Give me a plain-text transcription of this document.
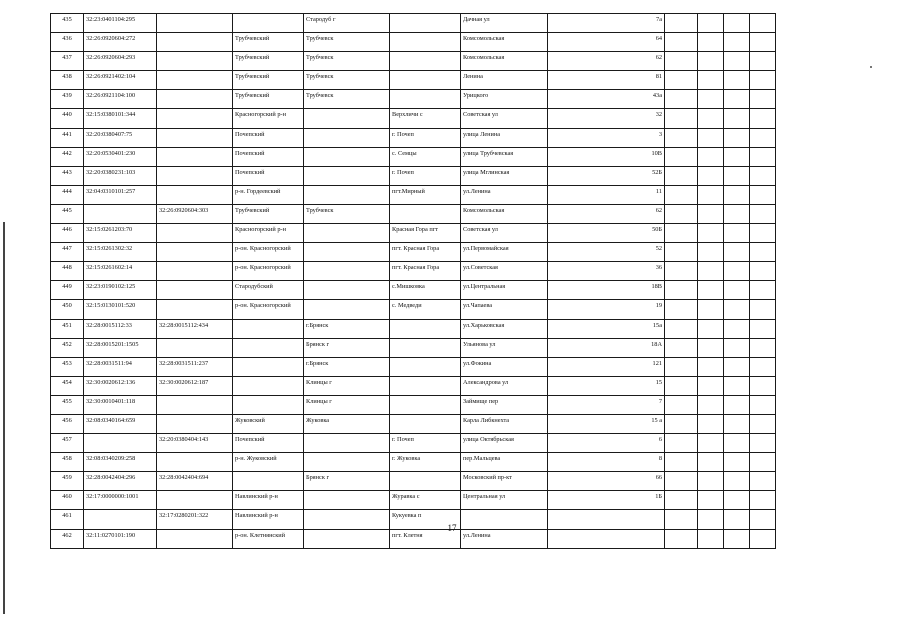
435	32:23:0401104:295			Стародуб г		Дачная ул	7а				
436	32:26:0920604:272		Трубчевский	Трубчевск		Комсомольская	64				
437	32:26:0920604:293		Трубчевский	Трубчевск		Комсомольская	62				
438	32:26:0921402:104		Трубчевский	Трубчевск		Ленина	81				
439	32:26:0921104:100		Трубчевский	Трубчевск		Урицкого	43а				
440	32:15:0380101:344		Красногорский р-н		Верхличи с	Советская ул	32				
441	32:20:0380407:75		Почепский		г. Почеп	улица Ленина	3				
442	32:20:0530401:230		Почепский		с. Семцы	улица Трубчевская	10В				
443	32:20:0380231:103		Почепский		г. Почеп	улица Мглинская	52Б				
444	32:04:0310101:257		р-н. Гордеевский		пгт.Мирный	ул.Ленина	11				
445		32:26:0920604:303	Трубчевский	Трубчевск		Комсомольская	62				
446	32:15:0261203:70		Красногорский р-н		Красная Гора пгт	Советская ул	50Б				
447	32:15:0261302:32		р-он. Красногорский		пгт. Красная Гора	ул.Первомайская	52				
448	32:15:0261602:14		р-он. Красногорский		пгт. Красная Гора	ул.Советская	36				
449	32:23:0190102:125		Стародубский		с.Мишковка	ул.Центральная	18В				
450	32:15:0130101:520		р-он. Красногорский		с. Медведи	ул.Чапаева	19				
451	32:28:0015112:33	32:28:0015112:434		г.Брянск		ул.Харьковская	15а				
452	32:28:0015201:1505			Брянск г		Ульянова ул	18А				
453	32:28:0031511:94	32:28:0031511:237		г.Брянск		ул.Фокина	121				
454	32:30:0020612:136	32:30:0020612:187		Клинцы г		Александрова ул	15				
455	32:30:0010401:118			Клинцы г		Займище пер	7				
456	32:08:0340164:659		Жуковский	Жуковка		Карла Либкнехта	15 а				
457		32:20:0380404:143	Почепский		г. Почеп	улица Октябрьская	6				
458	32:08:0340209:258		р-н. Жуковский		г. Жуковка	пер.Мальцева	8				
459	32:28:0042404:296	32:28:0042404:694		Брянск г		Московский пр-кт	66				
460	32:17:0000000:1001		Навлинский р-н		Журавка с	Центральная ул	1Б				
461		32:17:0280201:322	Навлинский р-н		Кукуевка п						
462	32:11:0270101:190		р-он. Клетнянский		пгт. Клетня	ул.Ленина					
17
